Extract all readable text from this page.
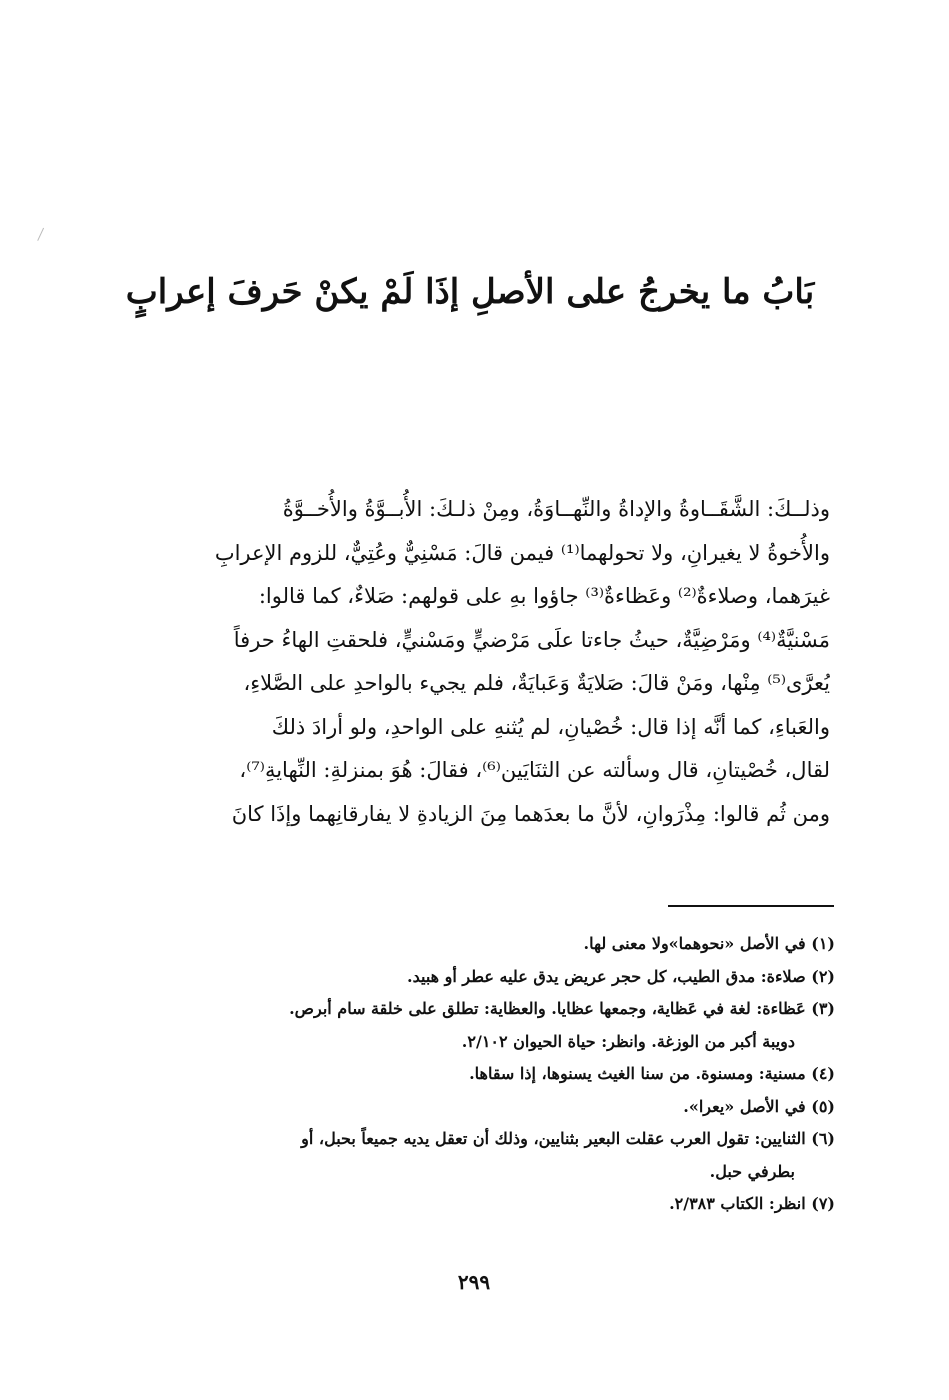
بَابُ ما يخرجُ على الأصلِ إذَا لَمْ يكنْ حَرفَ إعرابٍ
وذلــكَ: الشَّقَــاوةُ والإداةُ والنِّهــاوَةُ، ومِنْ ذلـكَ: الأُبــوَّةُ والأُخــوَّةُ
والأُخوةُ لا يغيرانِ، ولا تحولهما⁽¹⁾ فيمن قالَ: مَسْنِيٌّ وعُتِيٌّ، للزوم الإعرابِ
غيرَهما، وصلاءةٌ⁽²⁾ وعَظاءةٌ⁽³⁾ جاؤوا بهِ على قولهم: صَلاءٌ، كما قالوا:
مَسْنيَّةٌ⁽⁴⁾ ومَرْضِيَّةٌ، حيثُ جاءتا علَى مَرْضيٍّ ومَسْنيٍّ، فلحقتِ الهاءُ حرفاً
يُعرَّى⁽⁵⁾ مِنْها، ومَنْ قالَ: صَلايَةٌ وَعَبايَةٌ، فلم يجيء بالواحدِ على الصَّلاءِ،
والعَباءِ، كما أنَّه إذا قال: خُصْيانِ، لم يُثنهِ على الواحدِ، ولو أرادَ ذلكَ
لقال، خُصْيتانِ، قال وسألته عن الثنَايَين⁽⁶⁾، فقالَ: هُوَ بمنزلةِ: النِّهايةِ⁽⁷⁾،
ومن ثُم قالوا: مِذْرَوانِ، لأنَّ ما بعدَهما مِنَ الزيادةِ لا يفارقانِهما وإذَا كانَ
(١) في الأصل «نحوهما»ولا معنى لها.
(٢) صلاءة: مدق الطيب، كل حجر عريض يدق عليه عطر أو هبيد.
(٣) عَظاءة: لغة في عَظاية، وجمعها عظايا. والعظاية: تطلق على خلقة سام أبرص.
دويبة أكبر من الوزغة. وانظر: حياة الحيوان ٢/١٠٢.
(٤) مسنية: ومسنوة. من سنا الغيث يسنوها، إذا سقاها.
(٥) في الأصل «يعرا».
(٦) الثنايين: تقول العرب عقلت البعير بثنايين، وذلك أن تعقل يديه جميعاً بحبل، أو
بطرفي حبل.
(٧) انظر: الكتاب ٢/٣٨٣.
٢٩٩
